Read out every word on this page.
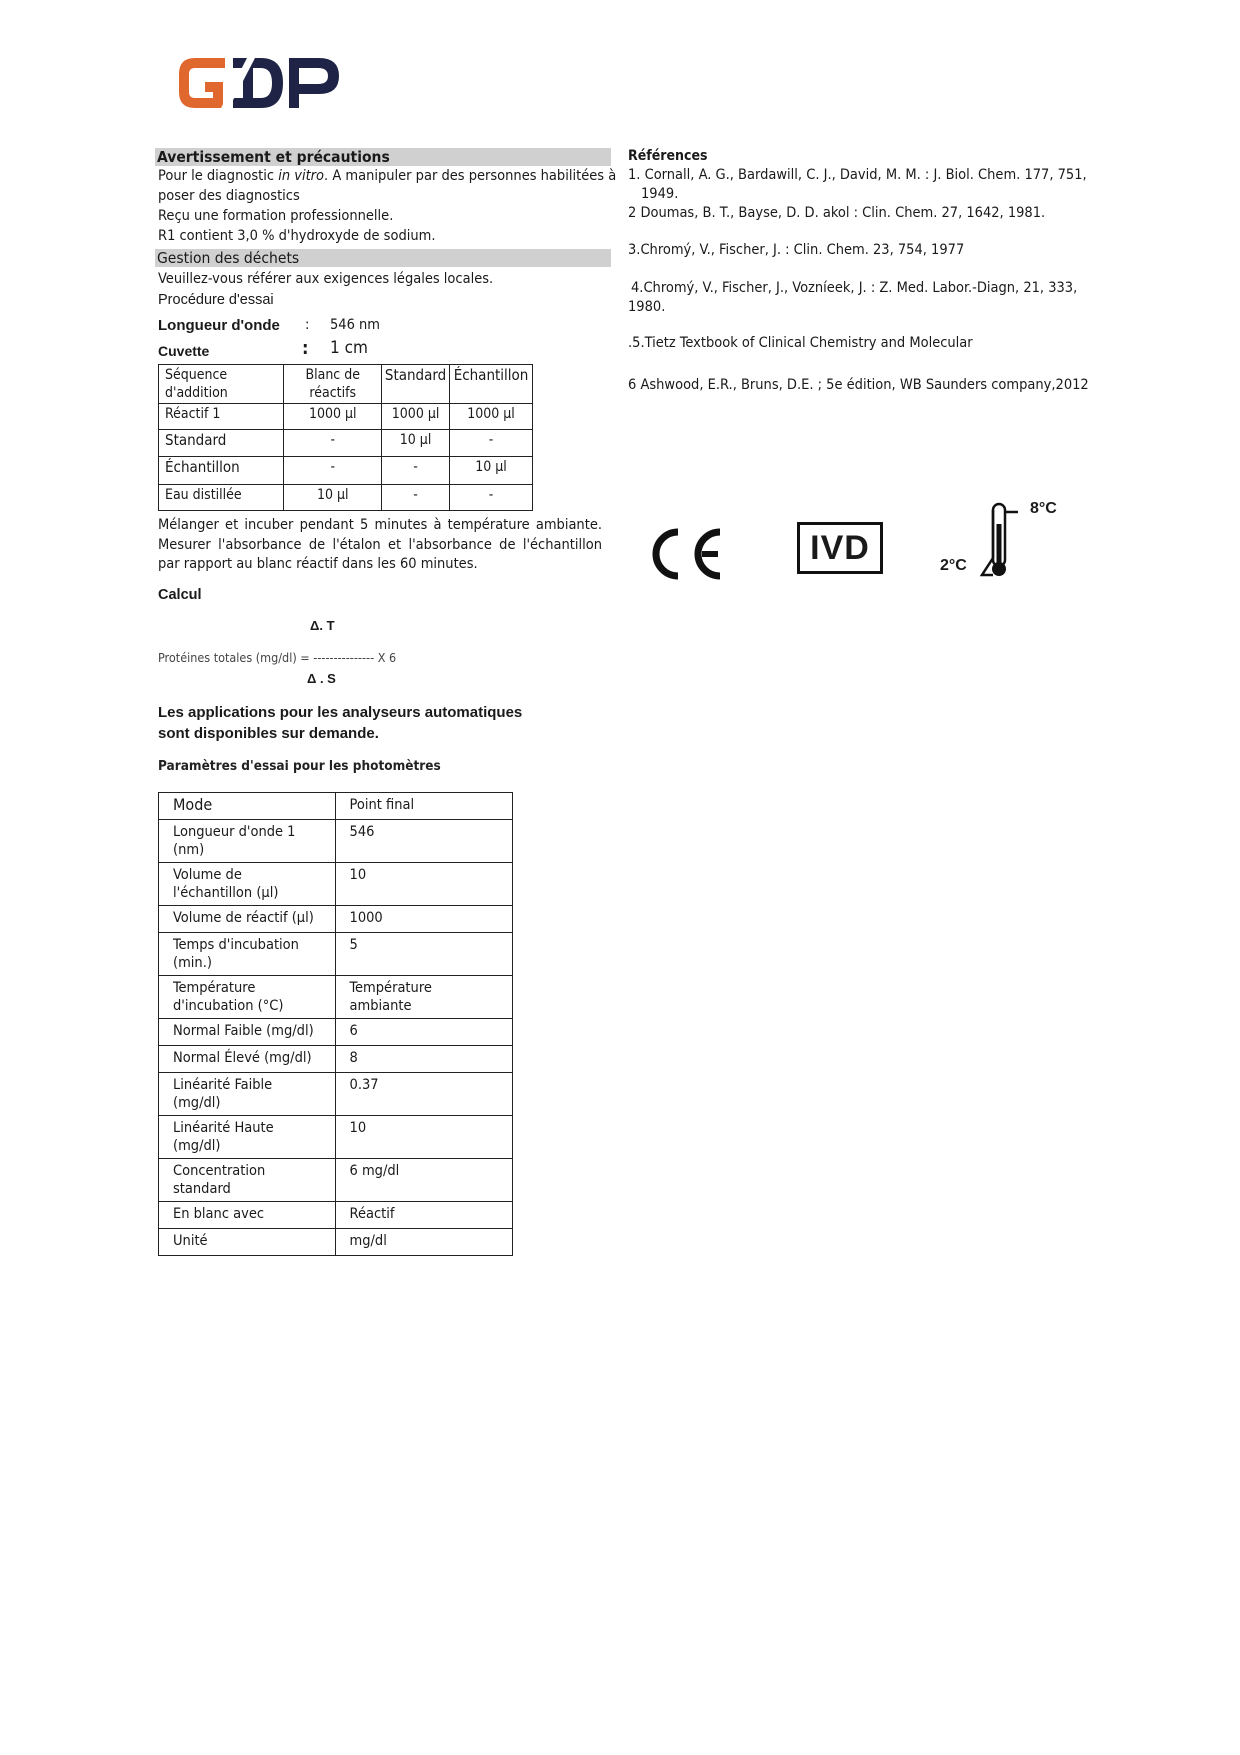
Avertissement et précautions
Pour le diagnostic in vitro. A manipuler par des personnes habilitées à
poser des diagnostics
Reçu une formation professionnelle.
R1 contient 3,0 % d'hydroxyde de sodium.
Gestion des déchets
Veuillez-vous référer aux exigences légales locales.
Procédure d'essai
Longueur d'onde : 546 nm
Cuvette	: 1 cm
Séquence d'addition	Blanc de réactifs	Standard	Échantillon
Réactif 1	1000 µl	1000 µl	1000 µl
Standard	-	10 µl	-
Échantillon	-	-	10 µl
Eau distillée	10 µl	-	-
Mélanger et incuber pendant 5 minutes à température ambiante. Mesurer l'absorbance de l'étalon et l'absorbance de l'échantillon par rapport au blanc réactif dans les 60 minutes.
Calcul
Δ. T
Protéines totales (mg/dl) = --------------- X 6
Δ . S
Les applications pour les analyseurs automatiques
sont disponibles sur demande.
Paramètres d'essai pour les photomètres
Mode	Point final
Longueur d'onde 1 (nm)	546
Volume de l'échantillon (µl)	10
Volume de réactif (µl)	1000
Temps d'incubation (min.)	5
Température d'incubation (°C)	Température ambiante
Normal Faible (mg/dl)	6
Normal Élevé (mg/dl)	8
Linéarité Faible (mg/dl)	0.37
Linéarité Haute (mg/dl)	10
Concentration standard	6 mg/dl
En blanc avec	Réactif
Unité	mg/dl
Références
1. Cornall, A. G., Bardawill, C. J., David, M. M. : J. Biol. Chem. 177, 751,
1949.
2 Doumas, B. T., Bayse, D. D. akol : Clin. Chem. 27, 1642, 1981.
3.Chromý, V., Fischer, J. : Clin. Chem. 23, 754, 1977
4.Chromý, V., Fischer, J., Vozníeek, J. : Z. Med. Labor.-Diagn, 21, 333,
1980.
.5.Tietz Textbook of Clinical Chemistry and Molecular
6 Ashwood, E.R., Bruns, D.E. ; 5e édition, WB Saunders company,2012
IVD
8°C
2°C
